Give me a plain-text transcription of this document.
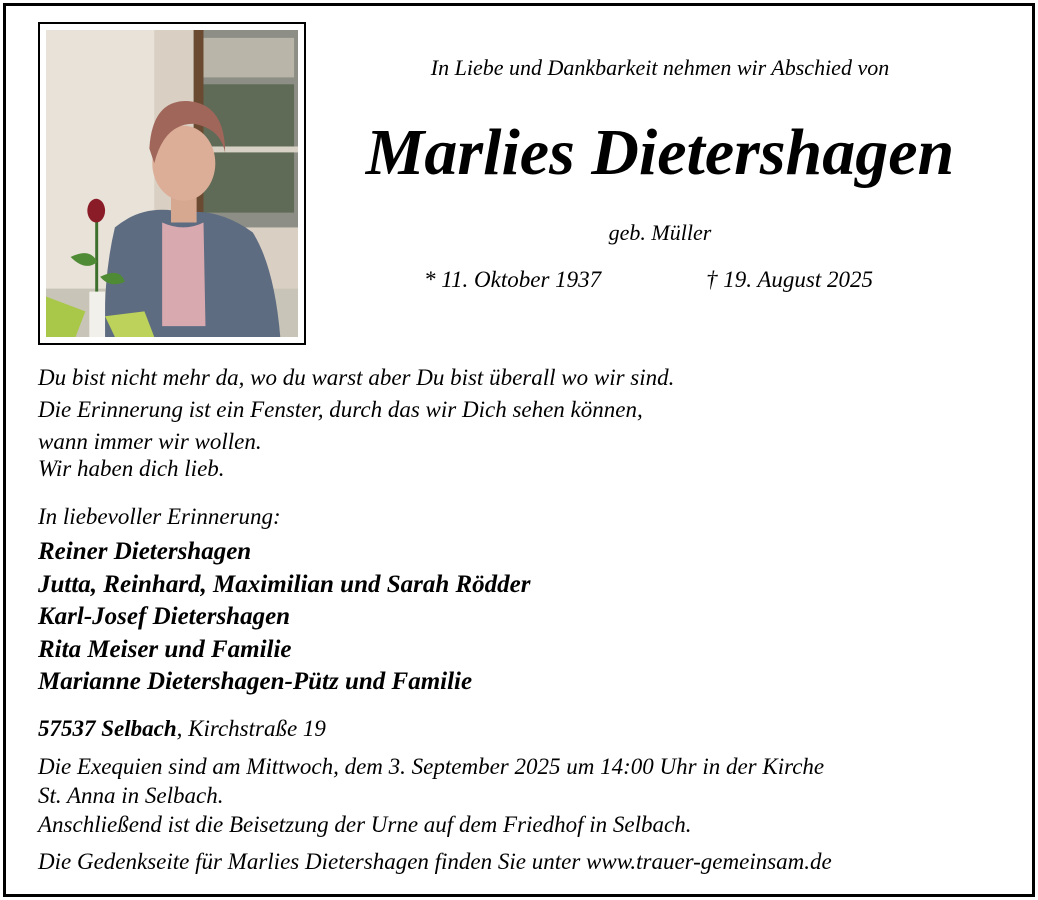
In Liebe und Dankbarkeit nehmen wir Abschied von
Marlies Dietershagen
geb. Müller
* 11. Oktober 1937	† 19. August 2025
Du bist nicht mehr da, wo du warst aber Du bist überall wo wir sind.
Die Erinnerung ist ein Fenster, durch das wir Dich sehen können,
wann immer wir wollen.
Wir haben dich lieb.
In liebevoller Erinnerung:
Reiner Dietershagen
Jutta, Reinhard, Maximilian und Sarah Rödder
Karl-Josef Dietershagen
Rita Meiser und Familie
Marianne Dietershagen-Pütz und Familie
57537 Selbach, Kirchstraße 19
Die Exequien sind am Mittwoch, dem 3. September 2025 um 14:00 Uhr in der Kirche
St. Anna in Selbach.
Anschließend ist die Beisetzung der Urne auf dem Friedhof in Selbach.
Die Gedenkseite für Marlies Dietershagen finden Sie unter www.trauer-gemeinsam.de
